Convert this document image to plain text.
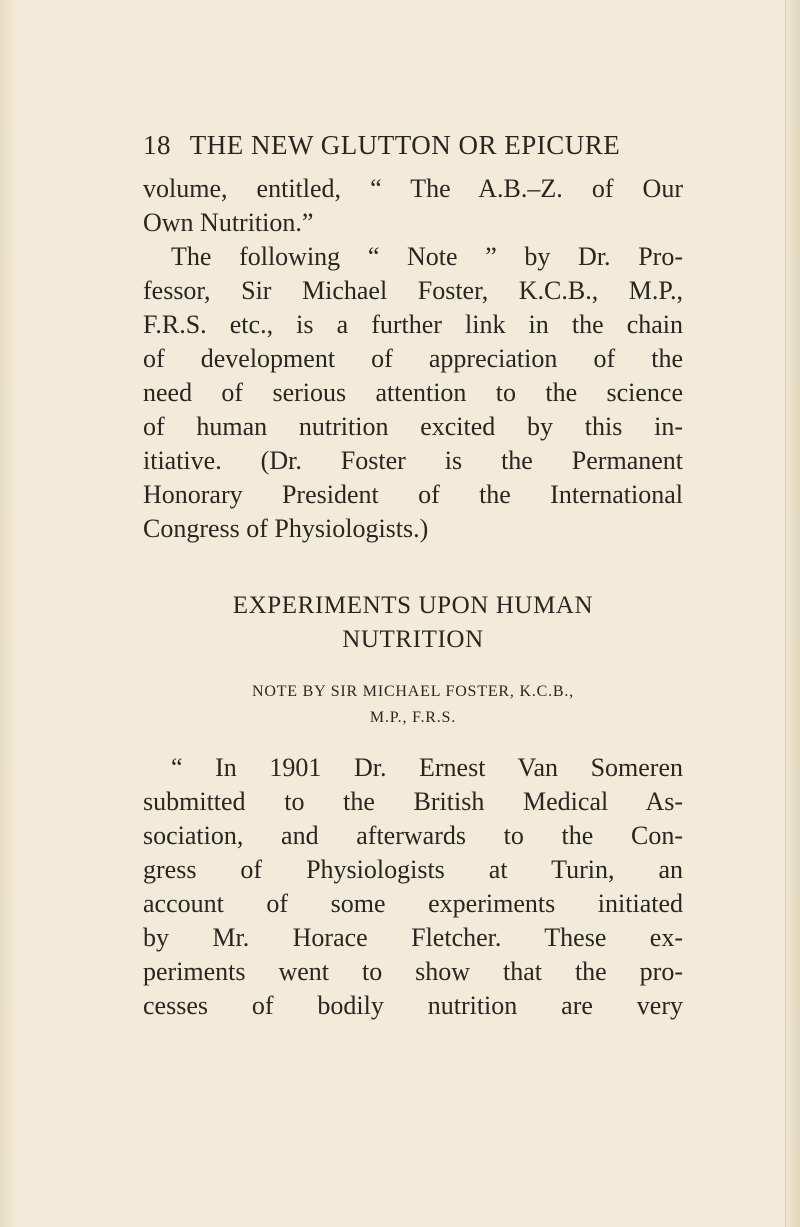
18 THE NEW GLUTTON OR EPICURE
volume, entitled, “ The A.B.–Z. of Our
Own Nutrition.”
The following “ Note ” by Dr. Pro-
fessor, Sir Michael Foster, K.C.B., M.P.,
F.R.S. etc., is a further link in the chain
of development of appreciation of the
need of serious attention to the science
of human nutrition excited by this in-
itiative. (Dr. Foster is the Permanent
Honorary President of the International
Congress of Physiologists.)
EXPERIMENTS UPON HUMAN
NUTRITION
NOTE BY SIR MICHAEL FOSTER, K.C.B.,
M.P., F.R.S.
“ In 1901 Dr. Ernest Van Someren
submitted to the British Medical As-
sociation, and afterwards to the Con-
gress of Physiologists at Turin, an
account of some experiments initiated
by Mr. Horace Fletcher. These ex-
periments went to show that the pro-
cesses of bodily nutrition are very
